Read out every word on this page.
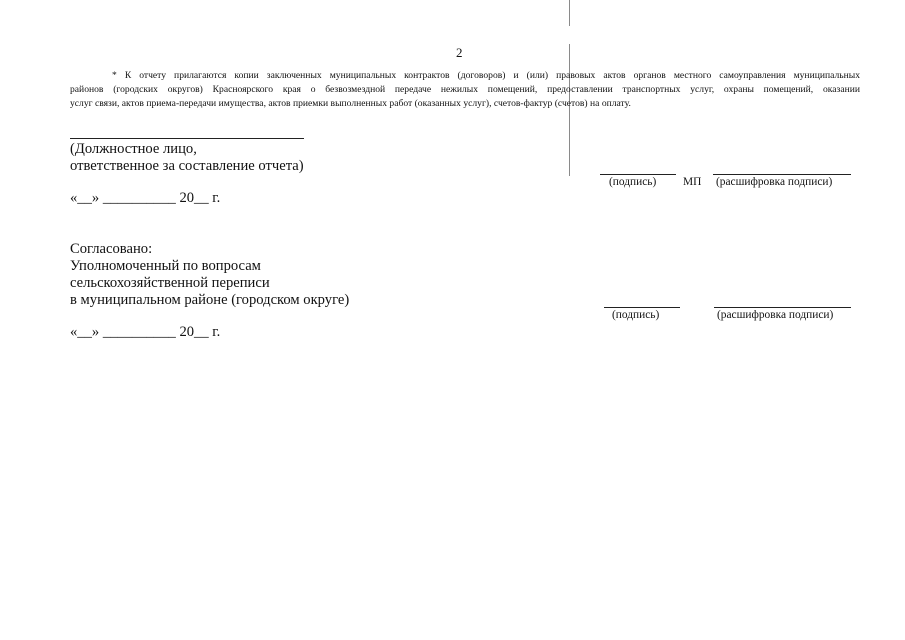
2
* К отчету прилагаются копии заключенных муниципальных контрактов (договоров) и (или) правовых актов органов местного самоуправления муниципальных
районов (городских округов) Красноярского края о безвозмездной передаче нежилых помещений, предоставлении транспортных услуг, охраны помещений, оказании
услуг связи, актов приема-передачи имущества, актов приемки выполненных работ (оказанных услуг), счетов-фактур (счетов) на оплату.
(Должностное лицо,
ответственное за составление отчета)
«__» __________ 20__ г.
(подпись) МП (расшифровка подписи)
Согласовано:
Уполномоченный по вопросам
сельскохозяйственной переписи
в муниципальном районе (городском округе)
«__» __________ 20__ г.
(подпись)	(расшифровка подписи)
